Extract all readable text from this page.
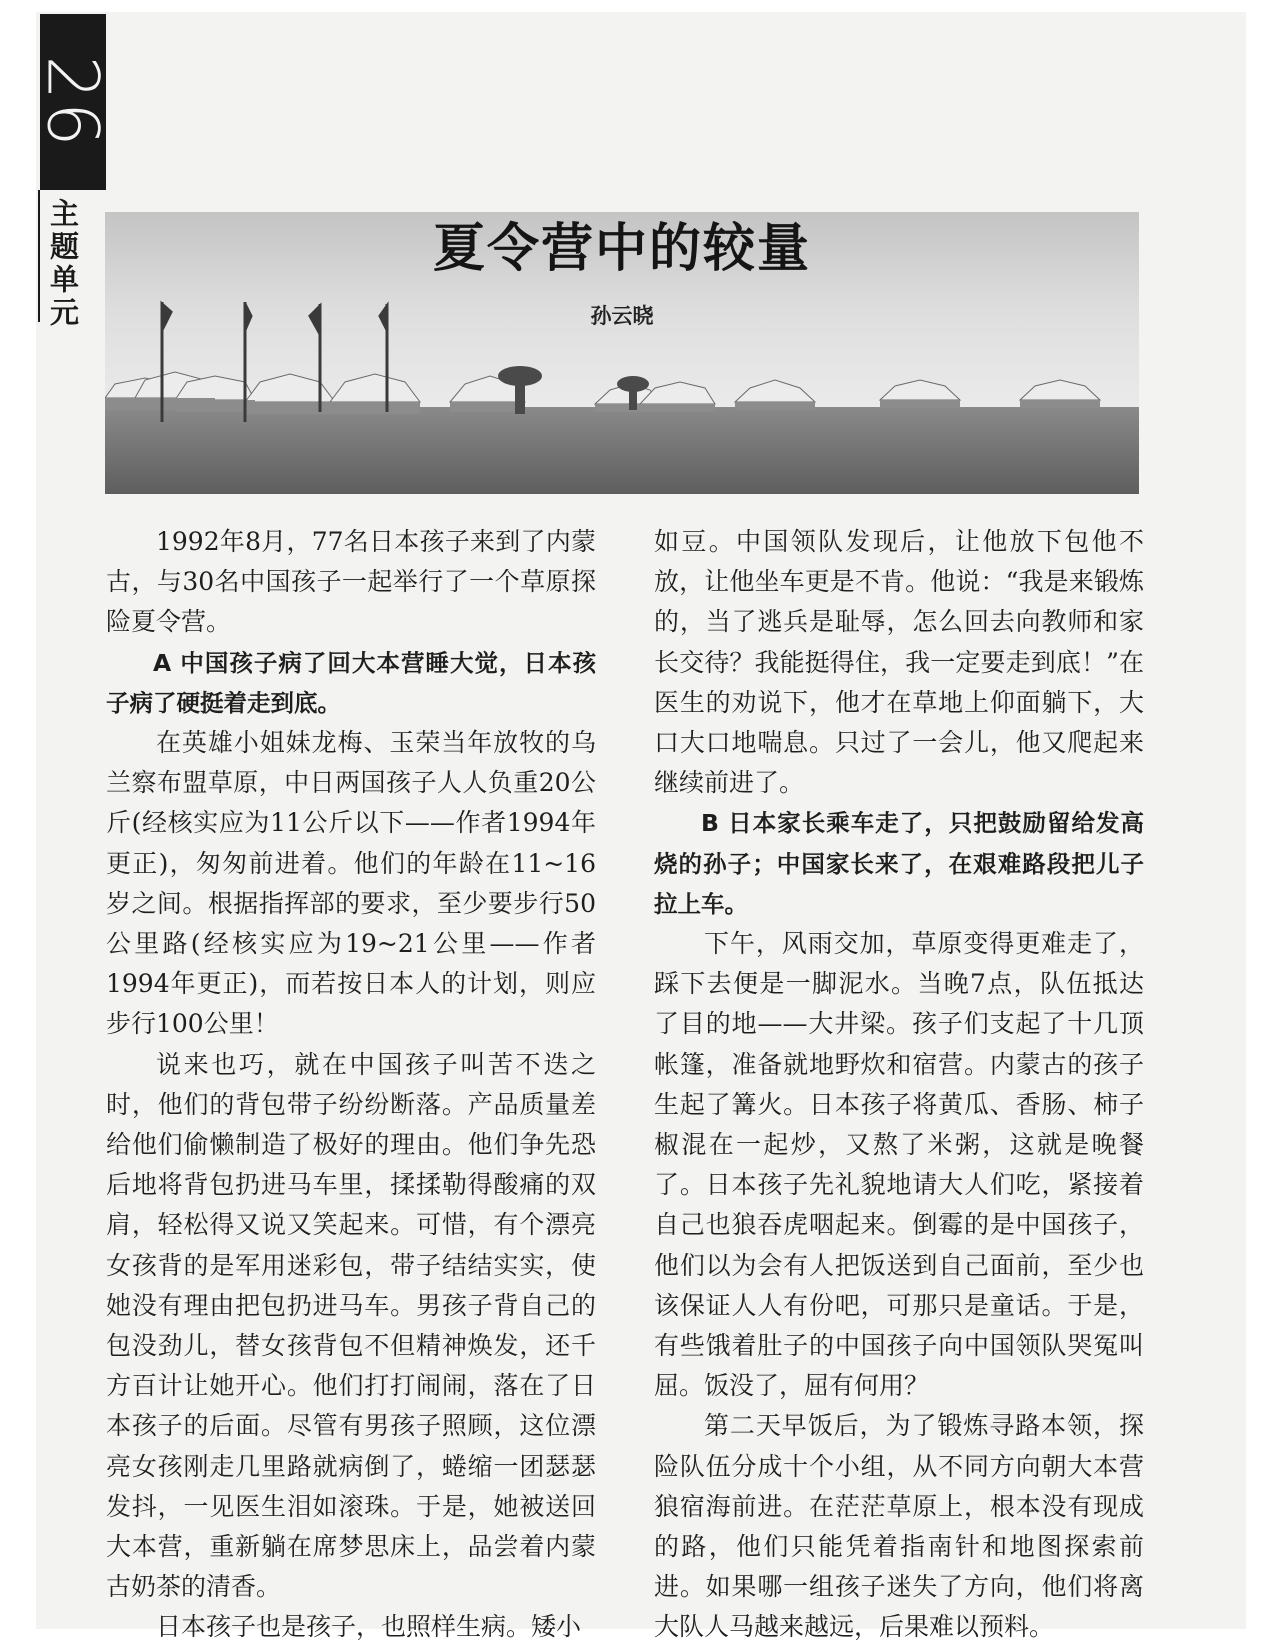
26
主题单元	夏令营中的较量
孙云晓

1992年8月，77名日本孩子来到了内蒙古，与30名中国孩子一起举行了一个草原探险夏令营。

A 中国孩子病了回大本营睡大觉，日本孩子病了硬挺着走到底。

在英雄小姐妹龙梅、玉荣当年放牧的乌兰察布盟草原，中日两国孩子人人负重20公斤(经核实应为11公斤以下——作者1994年更正)，匆匆前进着。他们的年龄在11~16岁之间。根据指挥部的要求，至少要步行50公里路(经核实应为19~21公里——作者1994年更正)，而若按日本人的计划，则应步行100公里！

说来也巧，就在中国孩子叫苦不迭之时，他们的背包带子纷纷断落。产品质量差给他们偷懒制造了极好的理由。他们争先恐后地将背包扔进马车里，揉揉勒得酸痛的双肩，轻松得又说又笑起来。可惜，有个漂亮女孩背的是军用迷彩包，带子结结实实，使她没有理由把包扔进马车。男孩子背自己的包没劲儿，替女孩背包不但精神焕发，还千方百计让她开心。他们打打闹闹，落在了日本孩子的后面。尽管有男孩子照顾，这位漂亮女孩刚走几里路就病倒了，蜷缩一团瑟瑟发抖，一见医生泪如滚珠。于是，她被送回大本营，重新躺在席梦思床上，品尝着内蒙古奶茶的清香。

日本孩子也是孩子，也照样生病。矮小

如豆。中国领队发现后，让他放下包他不放，让他坐车更是不肯。他说：“我是来锻炼的，当了逃兵是耻辱，怎么回去向教师和家长交待？我能挺得住，我一定要走到底！”在医生的劝说下，他才在草地上仰面躺下，大口大口地喘息。只过了一会儿，他又爬起来继续前进了。

B 日本家长乘车走了，只把鼓励留给发高烧的孙子；中国家长来了，在艰难路段把儿子拉上车。

下午，风雨交加，草原变得更难走了，踩下去便是一脚泥水。当晚7点，队伍抵达了目的地——大井梁。孩子们支起了十几顶帐篷，准备就地野炊和宿营。内蒙古的孩子生起了篝火。日本孩子将黄瓜、香肠、柿子椒混在一起炒，又熬了米粥，这就是晚餐了。日本孩子先礼貌地请大人们吃，紧接着自己也狼吞虎咽起来。倒霉的是中国孩子，他们以为会有人把饭送到自己面前，至少也该保证人人有份吧，可那只是童话。于是，有些饿着肚子的中国孩子向中国领队哭冤叫屈。饭没了，屈有何用？

第二天早饭后，为了锻炼寻路本领，探险队伍分成十个小组，从不同方向朝大本营狼宿海前进。在茫茫草原上，根本没有现成的路，他们只能凭着指南针和地图探索前进。如果哪一组孩子迷失了方向，他们将离大队人马越来越远，后果难以预料。
